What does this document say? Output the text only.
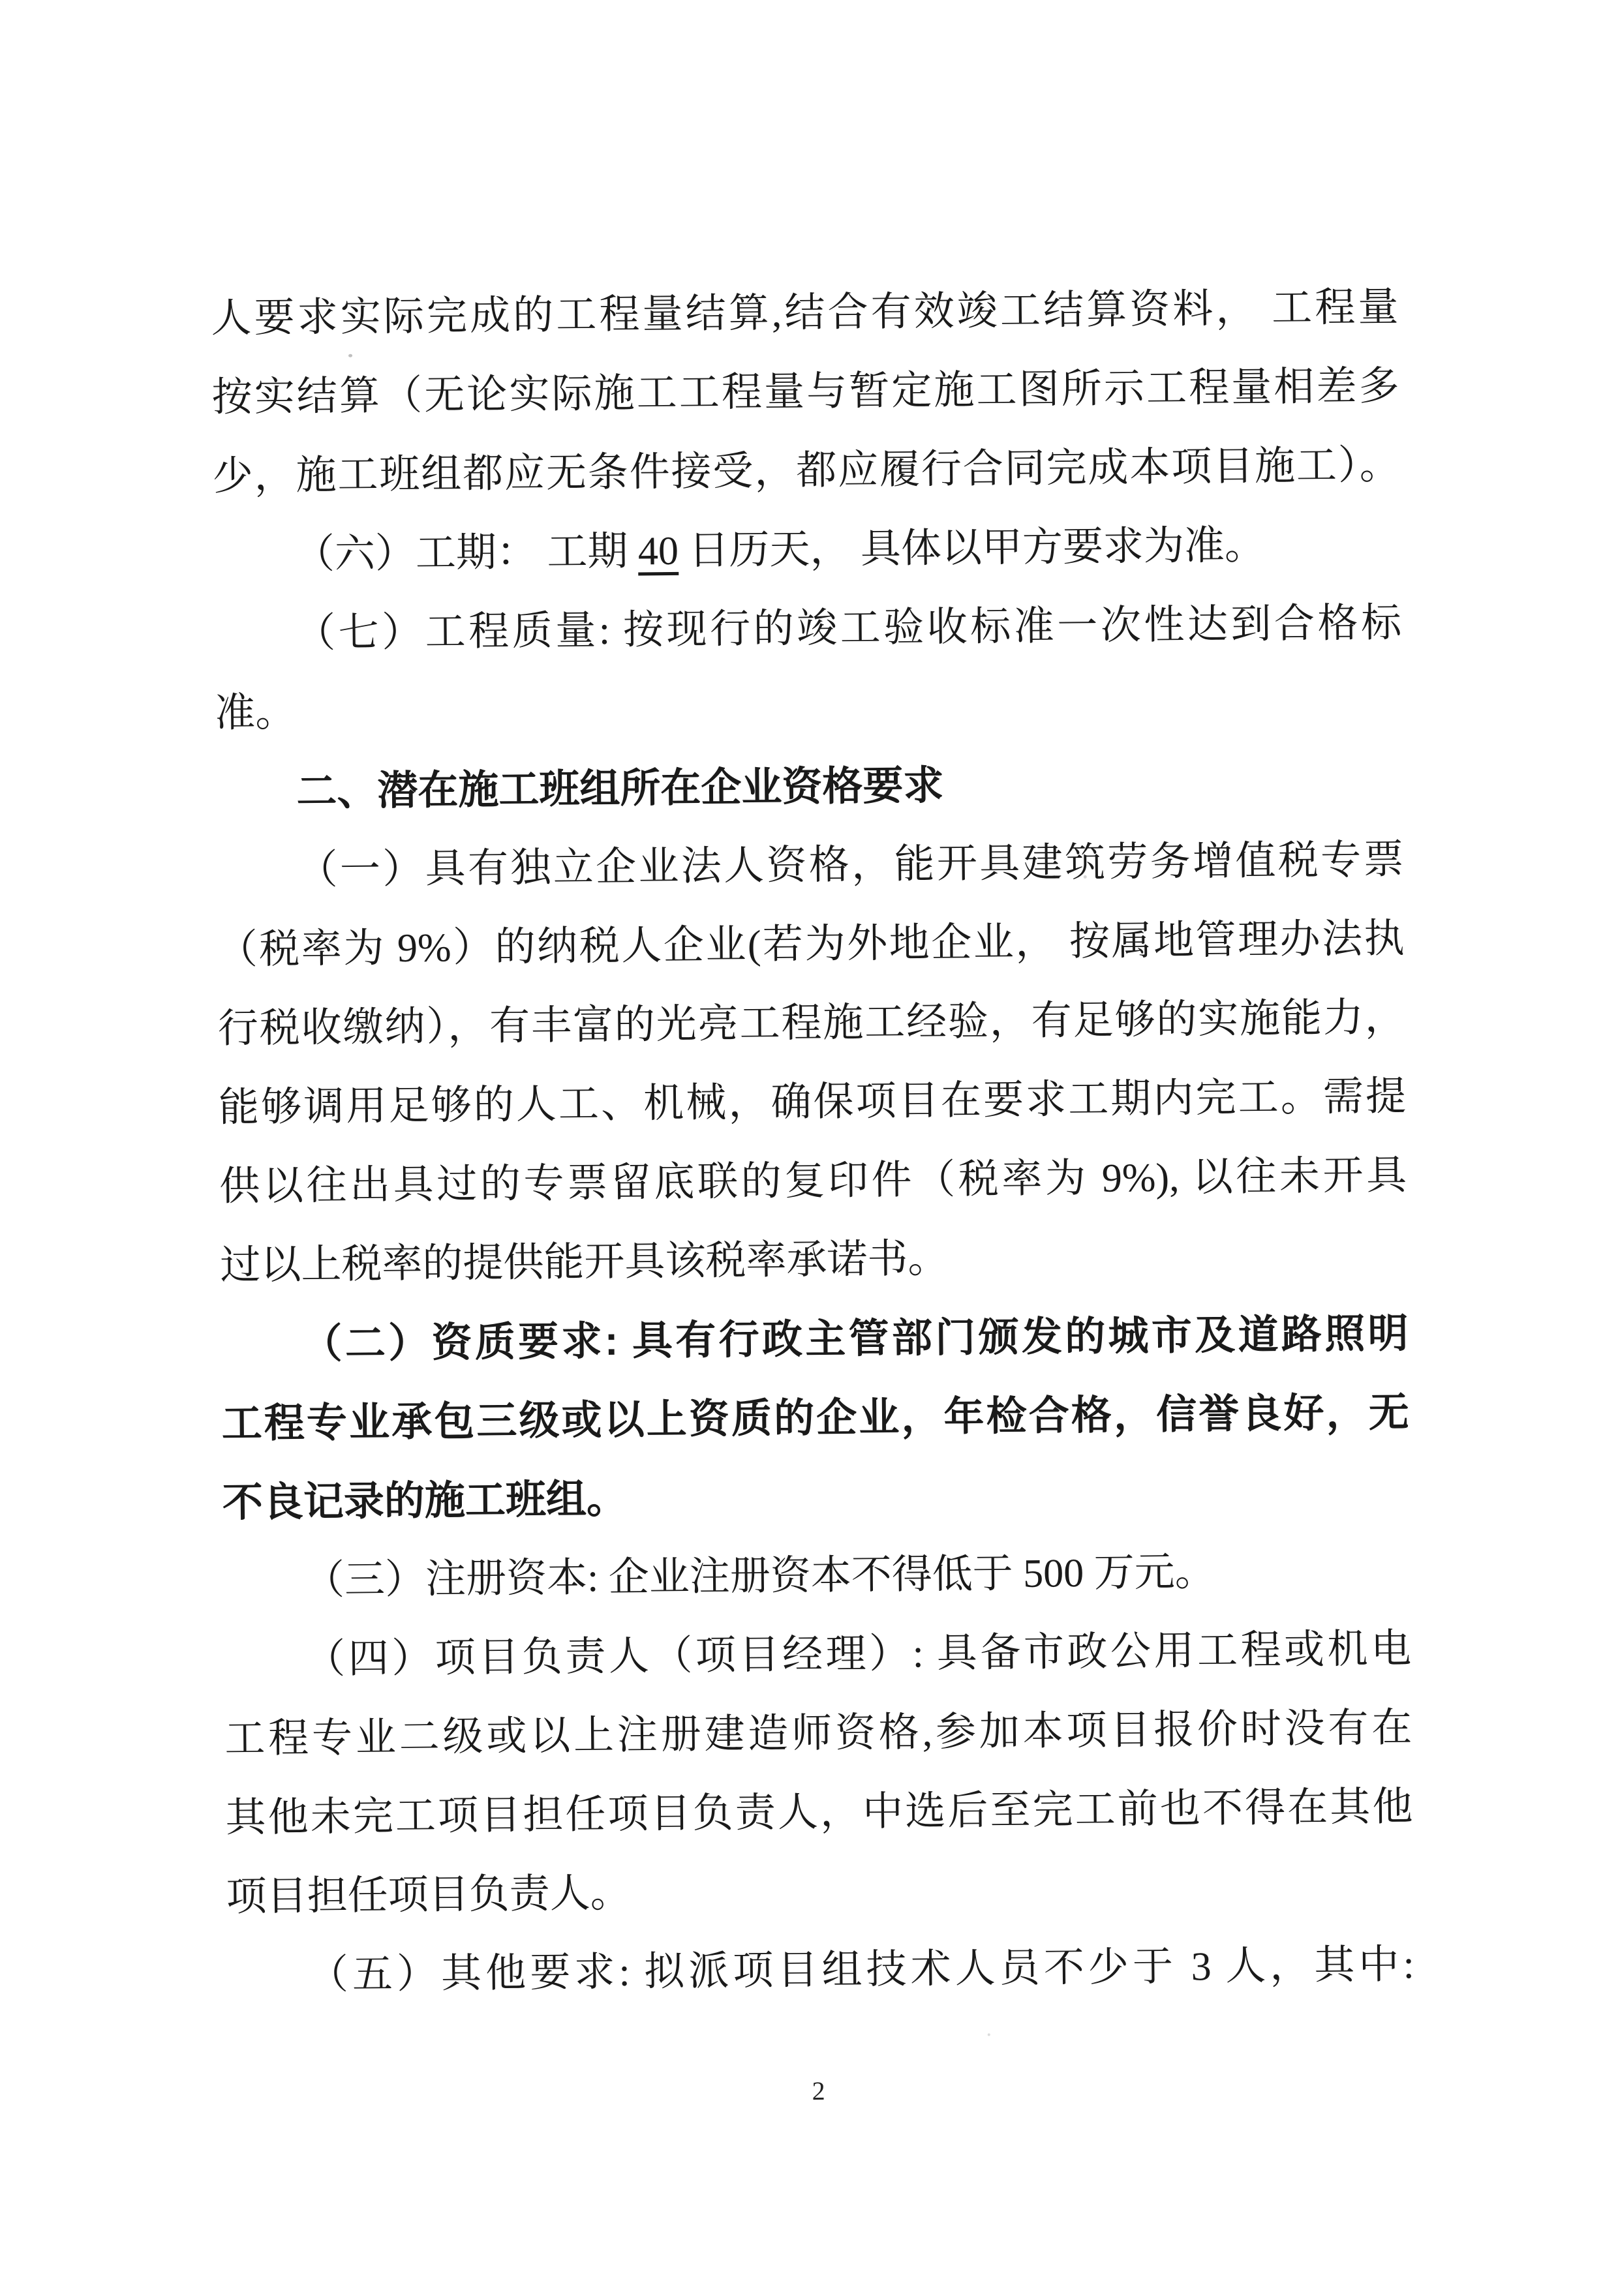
人要求实际完成的工程量结算,结合有效竣工结算资料， 工程量
按实结算（无论实际施工工程量与暂定施工图所示工程量相差多
少，施工班组都应无条件接受，都应履行合同完成本项目施工）。
（六）工期： 工期 40 日历天， 具体以甲方要求为准。
（七）工程质量: 按现行的竣工验收标准一次性达到合格标
准。
二、潜在施工班组所在企业资格要求
（一）具有独立企业法人资格，能开具建筑劳务增值税专票
（税率为 9%）的纳税人企业(若为外地企业， 按属地管理办法执
行税收缴纳），有丰富的光亮工程施工经验，有足够的实施能力，
能够调用足够的人工、机械，确保项目在要求工期内完工。需提
供以往出具过的专票留底联的复印件（税率为 9%), 以往未开具
过以上税率的提供能开具该税率承诺书。
（二）资质要求: 具有行政主管部门颁发的城市及道路照明
工程专业承包三级或以上资质的企业，年检合格，信誉良好，无
不良记录的施工班组。
（三）注册资本: 企业注册资本不得低于 500 万元。
（四）项目负责人（项目经理）: 具备市政公用工程或机电
工程专业二级或以上注册建造师资格,参加本项目报价时没有在
其他未完工项目担任项目负责人，中选后至完工前也不得在其他
项目担任项目负责人。
（五）其他要求: 拟派项目组技术人员不少于 3 人，其中:
2
